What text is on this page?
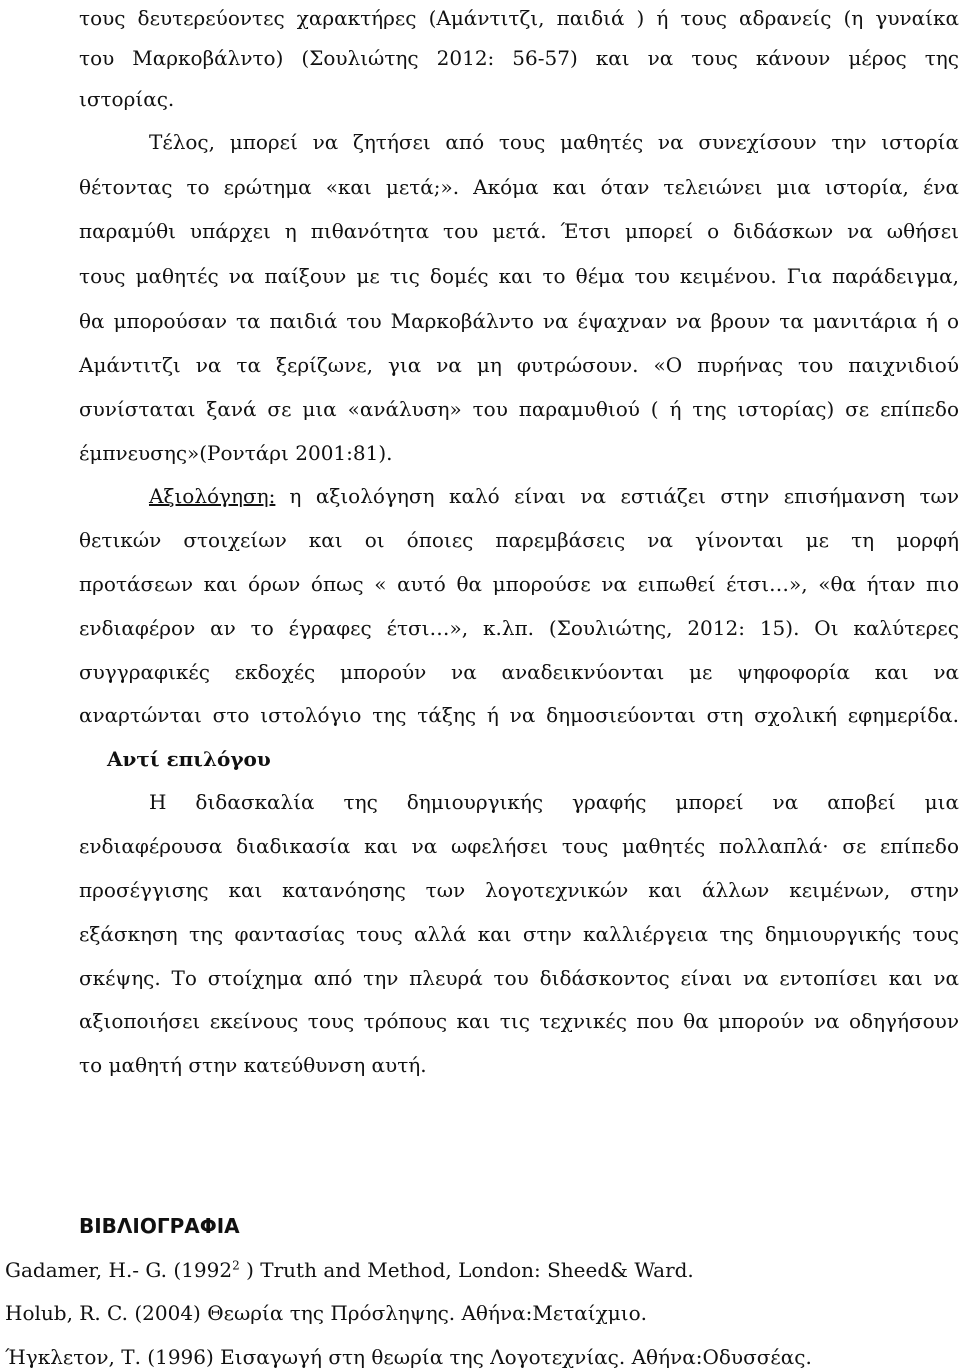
τους δευτερεύοντες χαρακτήρες (Αμάντιτζι, παιδιά ) ή τους αδρανείς (η γυναίκα
του Μαρκοβάλντο) (Σουλιώτης 2012: 56-57) και να τους κάνουν μέρος της
ιστορίας.
Τέλος, μπορεί να ζητήσει από τους μαθητές να συνεχίσουν την ιστορία
θέτοντας το ερώτημα «και μετά;». Ακόμα και όταν τελειώνει μια ιστορία, ένα
παραμύθι υπάρχει η πιθανότητα του μετά. Έτσι μπορεί ο διδάσκων να ωθήσει
τους μαθητές να παίξουν με τις δομές και το θέμα του κειμένου. Για παράδειγμα,
θα μπορούσαν τα παιδιά του Μαρκοβάλντο να έψαχναν να βρουν τα μανιτάρια ή ο
Αμάντιτζι να τα ξερίζωνε, για να μη φυτρώσουν. «Ο πυρήνας του παιχνιδιού
συνίσταται ξανά σε μια «ανάλυση» του παραμυθιού ( ή της ιστορίας) σε επίπεδο
έμπνευσης»(Ροντάρι 2001:81).
Αξιολόγηση: η αξιολόγηση καλό είναι να εστιάζει στην επισήμανση των
θετικών στοιχείων και οι όποιες παρεμβάσεις να γίνονται με τη μορφή
προτάσεων και όρων όπως « αυτό θα μπορούσε να ειπωθεί έτσι…», «θα ήταν πιο
ενδιαφέρον αν το έγραφες έτσι…», κ.λπ. (Σουλιώτης, 2012: 15). Οι καλύτερες
συγγραφικές εκδοχές μπορούν να αναδεικνύονται με ψηφοφορία και να
αναρτώνται στο ιστολόγιο της τάξης ή να δημοσιεύονται στη σχολική εφημερίδα.
Αντί επιλόγου
Η διδασκαλία της δημιουργικής γραφής μπορεί να αποβεί μια
ενδιαφέρουσα διαδικασία και να ωφελήσει τους μαθητές πολλαπλά· σε επίπεδο
προσέγγισης και κατανόησης των λογοτεχνικών και άλλων κειμένων, στην
εξάσκηση της φαντασίας τους αλλά και στην καλλιέργεια της δημιουργικής τους
σκέψης. Το στοίχημα από την πλευρά του διδάσκοντος είναι να εντοπίσει και να
αξιοποιήσει εκείνους τους τρόπους και τις τεχνικές που θα μπορούν να οδηγήσουν
το μαθητή στην κατεύθυνση αυτή.
ΒΙΒΛΙΟΓΡΑΦΙΑ
Gadamer, H.- G. (1992$^2$ ) Truth and Method, London: Sheed& Ward.
Holub, R. C. (2004) Θεωρία της Πρόσληψης. Αθήνα:Μεταίχμιο.
Ήγκλετον, Τ. (1996) Εισαγωγή στη θεωρία της Λογοτεχνίας. Αθήνα:Οδυσσέας.
